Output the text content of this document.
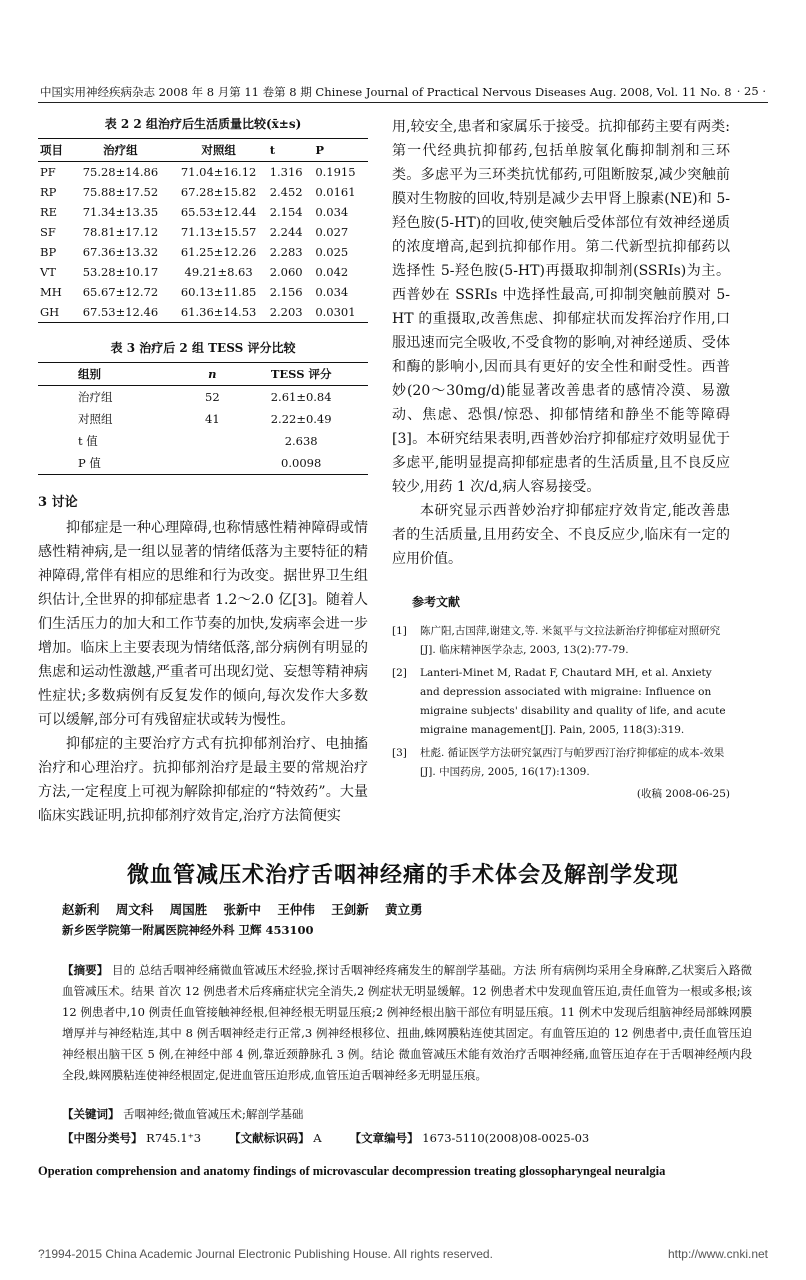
中国实用神经疾病杂志 2008 年 8 月第 11 卷第 8 期 Chinese Journal of Practical Nervous Diseases Aug. 2008, Vol. 11 No. 8 · 25 ·
表 2 2 组治疗后生活质量比较(x̄±s)
项目	治疗组	对照组	t	P
PF	75.28±14.86	71.04±16.12	1.316	0.1915
RP	75.88±17.52	67.28±15.82	2.452	0.0161
RE	71.34±13.35	65.53±12.44	2.154	0.034
SF	78.81±17.12	71.13±15.57	2.244	0.027
BP	67.36±13.32	61.25±12.26	2.283	0.025
VT	53.28±10.17	49.21±8.63	2.060	0.042
MH	65.67±12.72	60.13±11.85	2.156	0.034
GH	67.53±12.46	61.36±14.53	2.203	0.0301
表 3 治疗后 2 组 TESS 评分比较
组别	n	TESS 评分
治疗组	52	2.61±0.84
对照组	41	2.22±0.49
t 值		2.638
P 值		0.0098
3 讨论

抑郁症是一种心理障碍,也称情感性精神障碍或情感性精神病,是一组以显著的情绪低落为主要特征的精神障碍,常伴有相应的思维和行为改变。据世界卫生组织估计,全世界的抑郁症患者 1.2～2.0 亿[3]。随着人们生活压力的加大和工作节奏的加快,发病率会进一步增加。临床上主要表现为情绪低落,部分病例有明显的焦虑和运动性激越,严重者可出现幻觉、妄想等精神病性症状;多数病例有反复发作的倾向,每次发作大多数可以缓解,部分可有残留症状或转为慢性。

抑郁症的主要治疗方式有抗抑郁剂治疗、电抽搐治疗和心理治疗。抗抑郁剂治疗是最主要的常规治疗方法,一定程度上可视为解除抑郁症的“特效药”。大量临床实践证明,抗抑郁剂疗效肯定,治疗方法简便实

用,较安全,患者和家属乐于接受。抗抑郁药主要有两类:第一代经典抗抑郁药,包括单胺氧化酶抑制剂和三环类。多虑平为三环类抗忧郁药,可阻断胺泵,减少突触前膜对生物胺的回收,特别是减少去甲肾上腺素(NE)和 5-羟色胺(5-HT)的回收,使突触后受体部位有效神经递质的浓度增高,起到抗抑郁作用。第二代新型抗抑郁药以选择性 5-羟色胺(5-HT)再摄取抑制剂(SSRIs)为主。西普妙在 SSRIs 中选择性最高,可抑制突触前膜对 5-HT 的重摄取,改善焦虑、抑郁症状而发挥治疗作用,口服迅速而完全吸收,不受食物的影响,对神经递质、受体和酶的影响小,因而具有更好的安全性和耐受性。西普妙(20～30mg/d)能显著改善患者的感情冷漠、易激动、焦虑、恐惧/惊恐、抑郁情绪和静坐不能等障碍[3]。本研究结果表明,西普妙治疗抑郁症疗效明显优于多虑平,能明显提高抑郁症患者的生活质量,且不良反应较少,用药 1 次/d,病人容易接受。

本研究显示西普妙治疗抑郁症疗效肯定,能改善患者的生活质量,且用药安全、不良反应少,临床有一定的应用价值。

参考文献
[1]	陈广阳,古国萍,谢建文,等. 米氮平与文拉法新治疗抑郁症对照研究[J]. 临床精神医学杂志, 2003, 13(2):77-79.
[2]	Lanteri-Minet M, Radat F, Chautard MH, et al. Anxiety and depression associated with migraine: Influence on migraine subjects' disability and quality of life, and acute migraine management[J]. Pain, 2005, 118(3):319.
[3]	杜彪. 循证医学方法研究氯西汀与帕罗西汀治疗抑郁症的成本-效果[J]. 中国药房, 2005, 16(17):1309.
(收稿 2008-06-25)
微血管减压术治疗舌咽神经痛的手术体会及解剖学发现
赵新利 周文科 周国胜 张新中 王仲伟 王剑新 黄立勇
新乡医学院第一附属医院神经外科 卫辉 453100
【摘要】 目的 总结舌咽神经痛微血管减压术经验,探讨舌咽神经疼痛发生的解剖学基础。方法 所有病例均采用全身麻醉,乙状窦后入路微血管减压术。结果 首次 12 例患者术后疼痛症状完全消失,2 例症状无明显缓解。12 例患者术中发现血管压迫,责任血管为一根或多根;该 12 例患者中,10 例责任血管接触神经根,但神经根无明显压痕;2 例神经根出脑干部位有明显压痕。11 例术中发现后组脑神经局部蛛网膜增厚并与神经粘连,其中 8 例舌咽神经走行正常,3 例神经根移位、扭曲,蛛网膜粘连使其固定。有血管压迫的 12 例患者中,责任血管压迫神经根出脑干区 5 例,在神经中部 4 例,靠近颈静脉孔 3 例。结论 微血管减压术能有效治疗舌咽神经痛,血管压迫存在于舌咽神经颅内段全段,蛛网膜粘连使神经根固定,促进血管压迫形成,血管压迫舌咽神经多无明显压痕。
【关键词】 舌咽神经;微血管减压术;解剖学基础
【中图分类号】 R745.1⁺3 【文献标识码】 A 【文章编号】 1673-5110(2008)08-0025-03
Operation comprehension and anatomy findings of microvascular decompression treating glossopharyngeal neuralgia
?1994-2015 China Academic Journal Electronic Publishing House. All rights reserved.	http://www.cnki.net
